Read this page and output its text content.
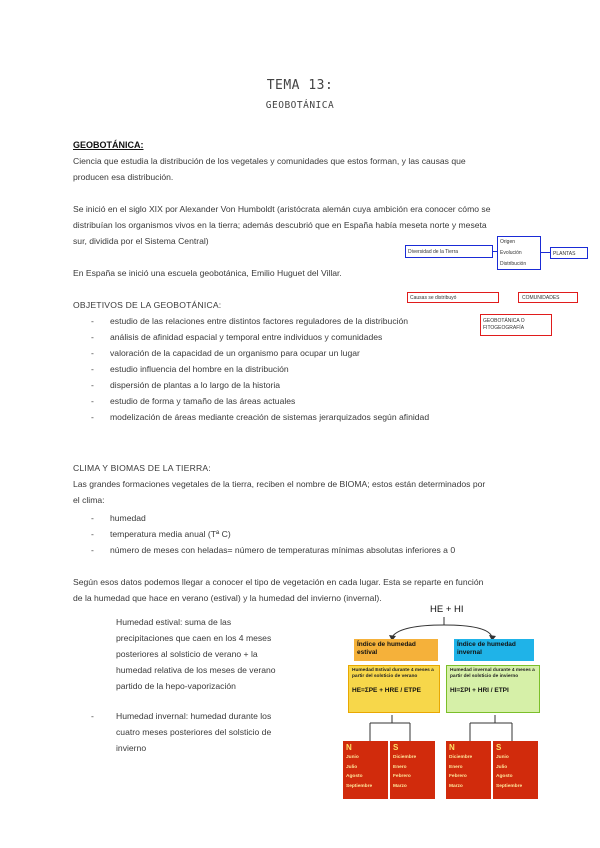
TEMA 13:
GEOBOTÁNICA
GEOBOTÁNICA:
Ciencia que estudia la distribución de los vegetales y comunidades que estos forman, y las causas que
producen esa distribución.
Se inició en el siglo XIX por Alexander Von Humboldt (aristócrata alemán cuya ambición era conocer cómo se
distribuían los organismos vivos en la tierra; además descubrió que en España había meseta norte y meseta
sur, dividida por el Sistema Central)
En España se inició una escuela geobotánica, Emilio Huguet del Villar.
Diversidad de la Tierra
Origen
Evolución
Distribución
PLANTAS
Causas se distribuyó	COMUNIDADES
GEOBOTÁNICA O
FITOGEOGRAFÍA
OBJETIVOS DE LA GEOBOTÁNICA:
- estudio de las relaciones entre distintos factores reguladores de la distribución
- análisis de afinidad espacial y temporal entre individuos y comunidades
- valoración de la capacidad de un organismo para ocupar un lugar
- estudio influencia del hombre en la distribución
- dispersión de plantas a lo largo de la historia
- estudio de forma y tamaño de las áreas actuales
- modelización de áreas mediante creación de sistemas jerarquizados según afinidad
CLIMA Y BIOMAS DE LA TIERRA:
Las grandes formaciones vegetales de la tierra, reciben el nombre de BIOMA; estos están determinados por
el clima:
- humedad
- temperatura media anual (Tª C)
- número de meses con heladas= número de temperaturas mínimas absolutas inferiores a 0
Según esos datos podemos llegar a conocer el tipo de vegetación en cada lugar. Esta se reparte en función
de la humedad que hace en verano (estival) y la humedad del invierno (invernal).
Humedad estival: suma de las
precipitaciones que caen en los 4 meses
posteriores al solsticio de verano + la
humedad relativa de los meses de verano
partido de la hepo-vaporización
-	Humedad invernal: humedad durante los
cuatro meses posteriores del solsticio de
invierno
HE + HI
Índice de humedad estival
Índice de humedad invernal
Humedad Estival durante 4 meses a partir del solsticio de verano
HE=ΣPE + HRE / ETPE
Humedad invernal durante 4 meses a partir del solsticio de invierno
HI=ΣPI + HRI / ETPI
N
Junio
Julio
Agosto
Septiembre
S
Diciembre
Enero
Febrero
Marzo
N
Diciembre
Enero
Febrero
Marzo
S
Junio
Julio
Agosto
Septiembre
